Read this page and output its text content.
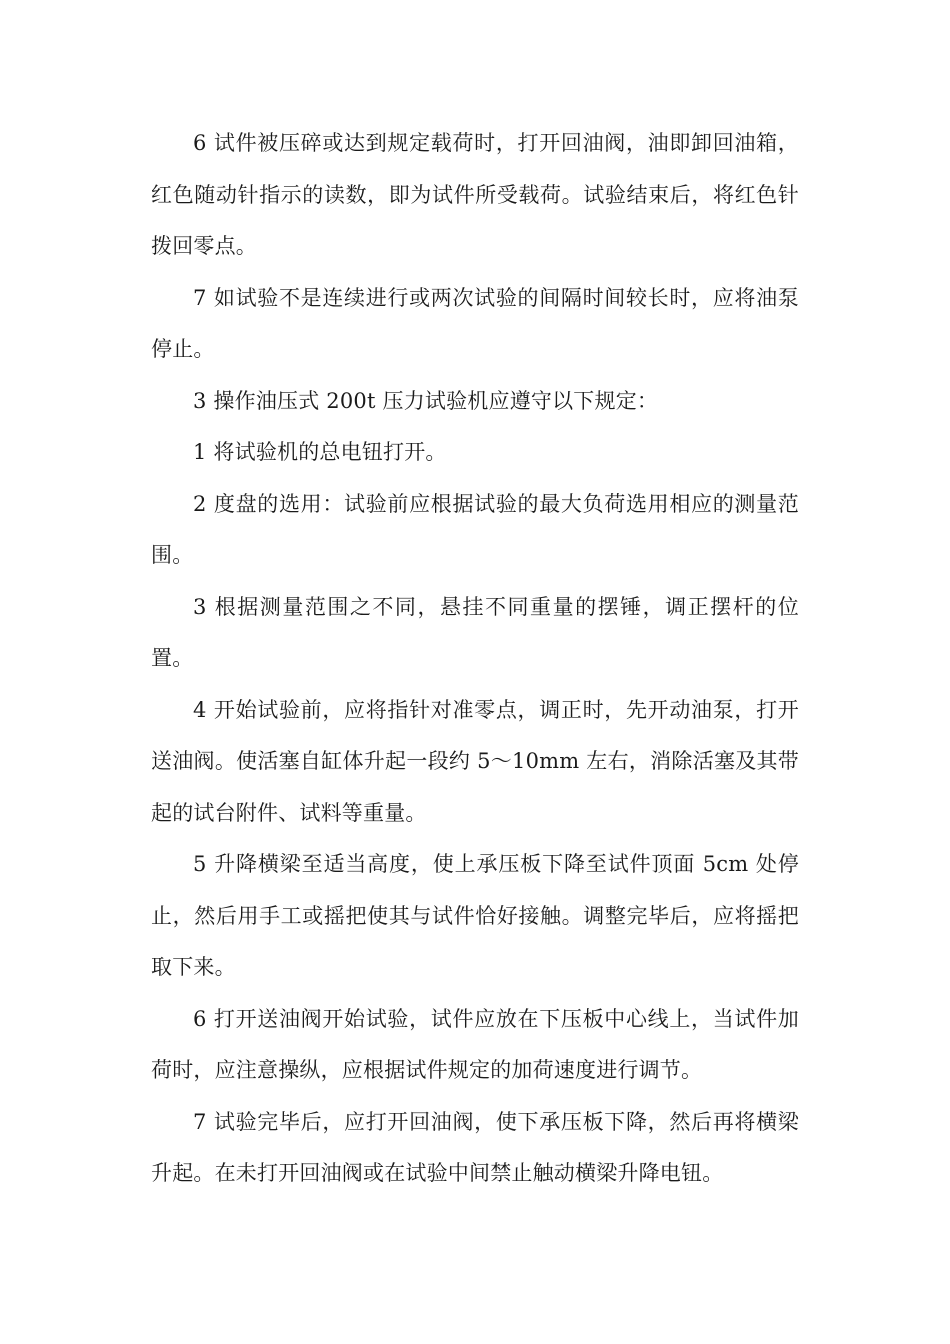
6 试件被压碎或达到规定载荷时，打开回油阀，油即卸回油箱，红色随动针指示的读数，即为试件所受载荷。试验结束后，将红色针拨回零点。

7 如试验不是连续进行或两次试验的间隔时间较长时，应将油泵停止。

3 操作油压式 200t 压力试验机应遵守以下规定：

1 将试验机的总电钮打开。

2 度盘的选用：试验前应根据试验的最大负荷选用相应的测量范围。

3 根据测量范围之不同，悬挂不同重量的摆锤，调正摆杆的位置。

4 开始试验前，应将指针对准零点，调正时，先开动油泵，打开送油阀。使活塞自缸体升起一段约 5～10mm 左右，消除活塞及其带起的试台附件、试料等重量。

5 升降横梁至适当高度，使上承压板下降至试件顶面 5cm 处停止，然后用手工或摇把使其与试件恰好接触。调整完毕后，应将摇把取下来。

6 打开送油阀开始试验，试件应放在下压板中心线上，当试件加荷时，应注意操纵，应根据试件规定的加荷速度进行调节。

7 试验完毕后，应打开回油阀，使下承压板下降，然后再将横梁升起。在未打开回油阀或在试验中间禁止触动横梁升降电钮。
